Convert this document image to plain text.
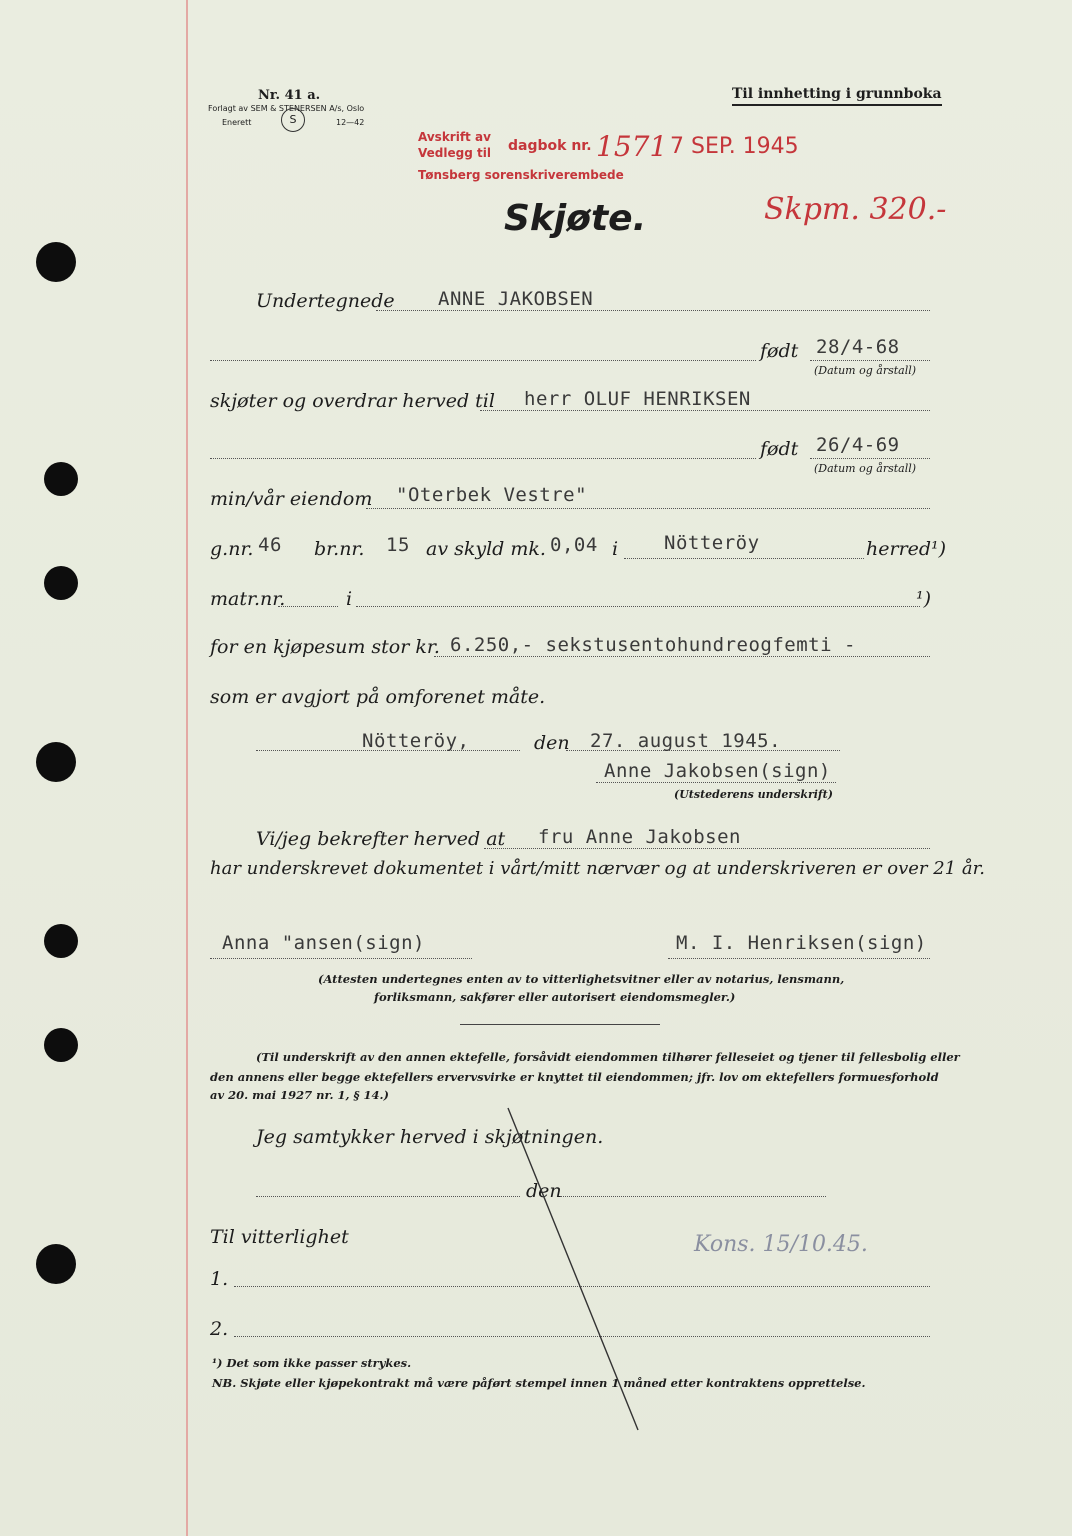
Nr. 41 a.
Forlagt av SEM & STENERSEN A/s, Oslo
Enerett	S	12—42
Til innhetting i grunnboka
Avskrift av
Vedlegg til dagbok nr. 1571 7 SEP. 1945
Tønsberg sorenskriverembede
Skpm. 320.-
Skjøte.
Undertegnede ANNE JAKOBSEN
født 28/4-68
(Datum og årstall)
skjøter og overdrar herved til herr OLUF HENRIKSEN
født 26/4-69
(Datum og årstall)
min/vår eiendom "Oterbek Vestre"
g.nr. 46 br.nr. 15 av skyld mk. 0,04 i Nötteröy	herred¹)
matr.nr.	i	¹)
for en kjøpesum stor kr. 6.250,- sekstusentohundreogfemti -
som er avgjort på omforenet måte.
Nötteröy,	den 27. august 1945.
Anne Jakobsen(sign)
(Utstederens underskrift)
Vi/jeg bekrefter herved at fru Anne Jakobsen
har underskrevet dokumentet i vårt/mitt nærvær og at underskriveren er over 21 år.
Anna "ansen(sign)	M. I. Henriksen(sign)
(Attesten undertegnes enten av to vitterlighetsvitner eller av notarius, lensmann,
forliksmann, sakfører eller autorisert eiendomsmegler.)
(Til underskrift av den annen ektefelle, forsåvidt eiendommen tilhører felleseiet og tjener til fellesbolig eller
den annens eller begge ektefellers ervervsvirke er knyttet til eiendommen; jfr. lov om ektefellers formuesforhold
av 20. mai 1927 nr. 1, § 14.)
Jeg samtykker herved i skjøtningen.
den
Til vitterlighet	Kons. 15/10.45.
1.
2.
¹) Det som ikke passer strykes.
NB. Skjøte eller kjøpekontrakt må være påført stempel innen 1 måned etter kontraktens opprettelse.
